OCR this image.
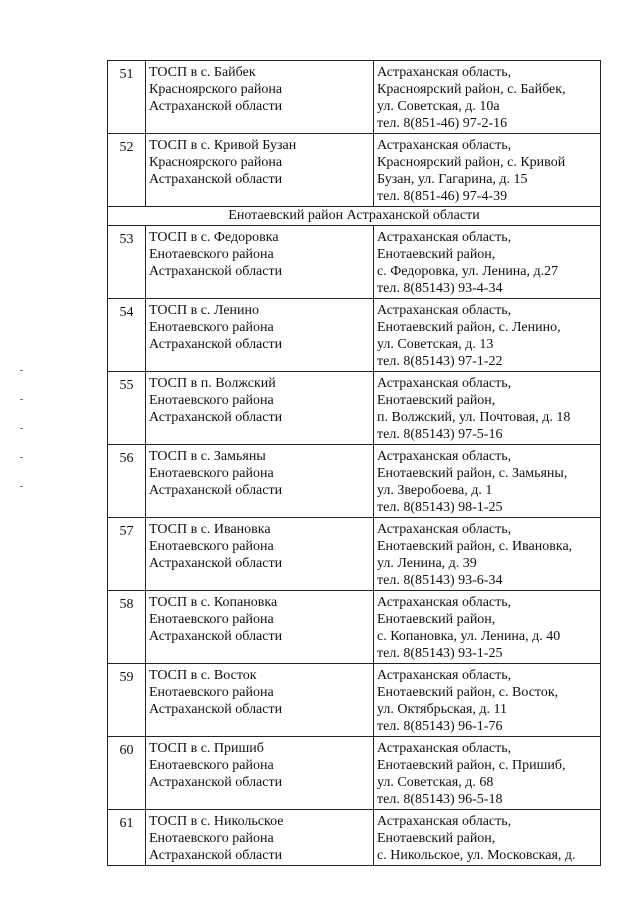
51	ТОСП в с. Байбек
Красноярского района
Астраханской области	Астраханская область,
Красноярский район, с. Байбек,
ул. Советская, д. 10а
тел. 8(851-46) 97-2-16

52	ТОСП в с. Кривой Бузан
Красноярского района
Астраханской области	Астраханская область,
Красноярский район, с. Кривой
Бузан, ул. Гагарина, д. 15
тел. 8(851-46) 97-4-39

Енотаевский район Астраханской области		
53	ТОСП в с. Федоровка
Енотаевского района
Астраханской области	Астраханская область,
Енотаевский район,
с. Федоровка, ул. Ленина, д.27
тел. 8(85143) 93-4-34

54	ТОСП в с. Ленино
Енотаевского района
Астраханской области	Астраханская область,
Енотаевский район, с. Ленино,
ул. Советская, д. 13
тел. 8(85143) 97-1-22

55	ТОСП в п. Волжский
Енотаевского района
Астраханской области	Астраханская область,
Енотаевский район,
п. Волжский, ул. Почтовая, д. 18
тел. 8(85143) 97-5-16

56	ТОСП в с. Замьяны
Енотаевского района
Астраханской области	Астраханская область,
Енотаевский район, с. Замьяны,
ул. Зверобоева, д. 1
тел. 8(85143) 98-1-25

57	ТОСП в с. Ивановка
Енотаевского района
Астраханской области	Астраханская область,
Енотаевский район, с. Ивановка,
ул. Ленина, д. 39
тел. 8(85143) 93-6-34

58	ТОСП в с. Копановка
Енотаевского района
Астраханской области	Астраханская область,
Енотаевский район,
с. Копановка, ул. Ленина, д. 40
тел. 8(85143) 93-1-25

59	ТОСП в с. Восток
Енотаевского района
Астраханской области	Астраханская область,
Енотаевский район, с. Восток,
ул. Октябрьская, д. 11
тел. 8(85143) 96-1-76

60	ТОСП в с. Пришиб
Енотаевского района
Астраханской области	Астраханская область,
Енотаевский район, с. Пришиб,
ул. Советская, д. 68
тел. 8(85143) 96-5-18

61	ТОСП в с. Никольское
Енотаевского района
Астраханской области	Астраханская область,
Енотаевский район,
с. Никольское, ул. Московская, д.
